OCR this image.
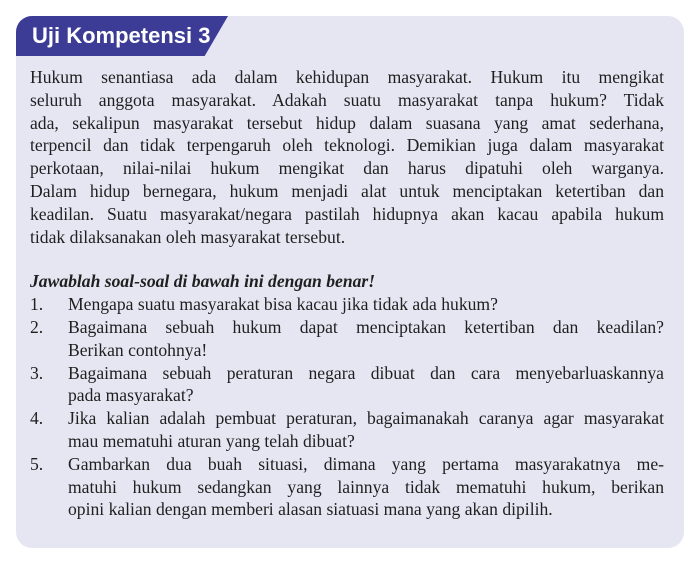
Uji Kompetensi 3
Hukum senantiasa ada dalam kehidupan masyarakat. Hukum itu mengikat
seluruh anggota masyarakat. Adakah suatu masyarakat tanpa hukum? Tidak
ada, sekalipun masyarakat tersebut hidup dalam suasana yang amat sederhana,
terpencil dan tidak terpengaruh oleh teknologi. Demikian juga dalam masyarakat
perkotaan, nilai-nilai hukum mengikat dan harus dipatuhi oleh warganya.
Dalam hidup bernegara, hukum menjadi alat untuk menciptakan ketertiban dan
keadilan. Suatu masyarakat/negara pastilah hidupnya akan kacau apabila hukum
tidak dilaksanakan oleh masyarakat tersebut.
Jawablah soal-soal di bawah ini dengan benar!
1. Mengapa suatu masyarakat bisa kacau jika tidak ada hukum?
2. Bagaimana sebuah hukum dapat menciptakan ketertiban dan keadilan?
Berikan contohnya!
3. Bagaimana sebuah peraturan negara dibuat dan cara menyebarluaskannya
pada masyarakat?
4. Jika kalian adalah pembuat peraturan, bagaimanakah caranya agar masyarakat
mau mematuhi aturan yang telah dibuat?
5. Gambarkan dua buah situasi, dimana yang pertama masyarakatnya me-
matuhi hukum sedangkan yang lainnya tidak mematuhi hukum, berikan
opini kalian dengan memberi alasan siatuasi mana yang akan dipilih.
